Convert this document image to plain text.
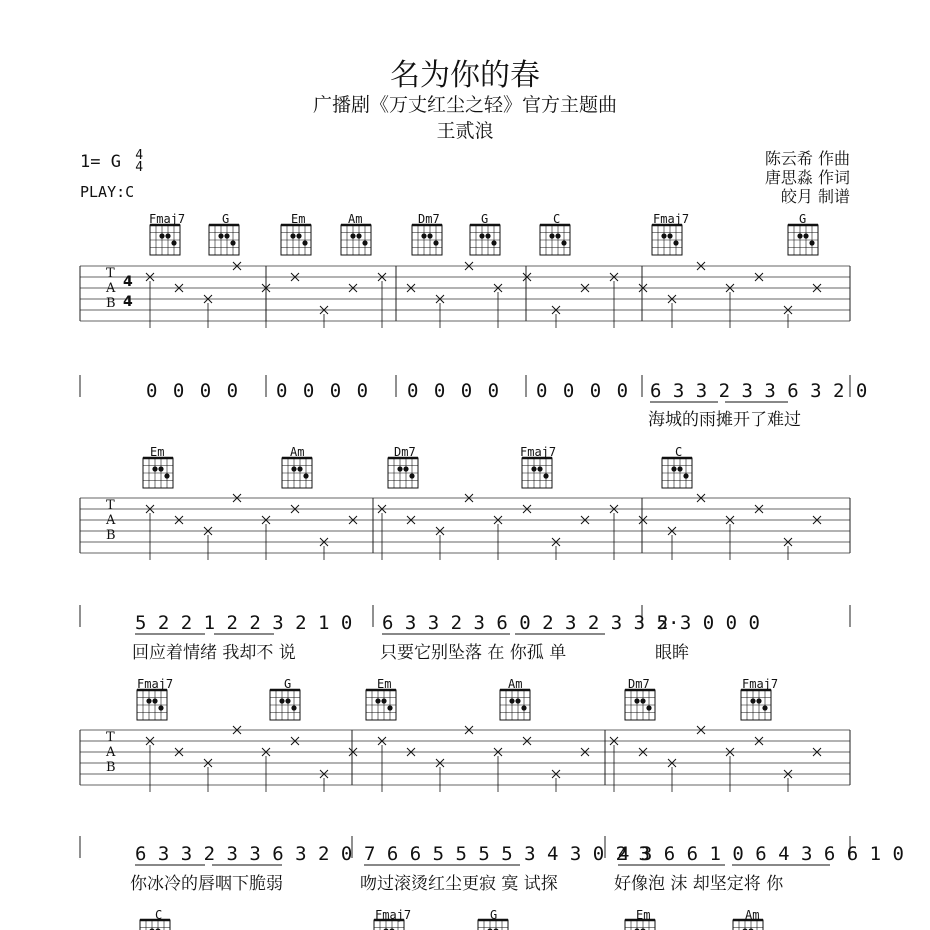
名为你的春
广播剧《万丈红尘之轻》官方主题曲
王贰浪
1= G 4
4
PLAY:C
陈云希 作曲
唐思淼 作词
皎月 制谱
Fmaj7	G	Em	Am	Dm7	G	C	Fmaj7	G
0 0 0 0 0 0 0 0 0 0 0 0 0 0 0 0 6 3 3 2 3 3 6 3 2 0
海城的雨摊开了难过
Em	Am	Dm7	Fmaj7	C
5 2 2 1 2 2 3 2 1 0 6 3 3 2 3 6 0 2 3 2 3 3 5·
2 3 0 0 0
回应着情绪 我却不 说	只要它别坠落 在 你孤 单	眼眸
Fmaj7	G	Em	Am	Dm7	Fmaj7
6 3 3 2 3 3 6 3 2 0 7 6 6 5 5 5 5 3 4 3 0 2 3
4 3 6 6 1 0 6 4 3 6 6 1 0
你冰冷的唇咽下脆弱	吻过滚烫红尘更寂 寞 试探	好像泡 沫 却坚定将 你
C	Fmaj7	G	Em	Am
T
A
B
4
4
T
A
B
T
A
B
